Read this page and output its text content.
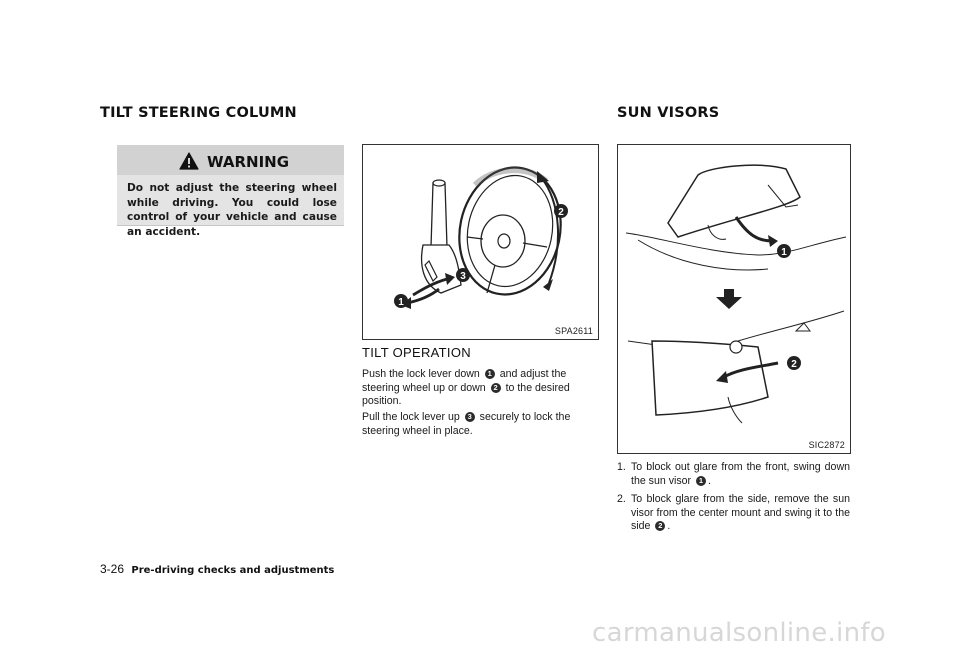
TILT STEERING COLUMN	SUN VISORS

WARNING

Do not adjust the steering wheel while driving. You could lose control of your vehicle and cause an accident.

1
2
3

SPA2611

TILT OPERATION

Push the lock lever down 1 and adjust the steering wheel up or down 2 to the desired position.

Pull the lock lever up 3 securely to lock the steering wheel in place.

1
2

SIC2872

1. To block out glare from the front, swing down the sun visor 1 .

2. To block glare from the side, remove the sun visor from the center mount and swing it to the side 2 .

3-26 Pre-driving checks and adjustments

carmanualsonline.info
